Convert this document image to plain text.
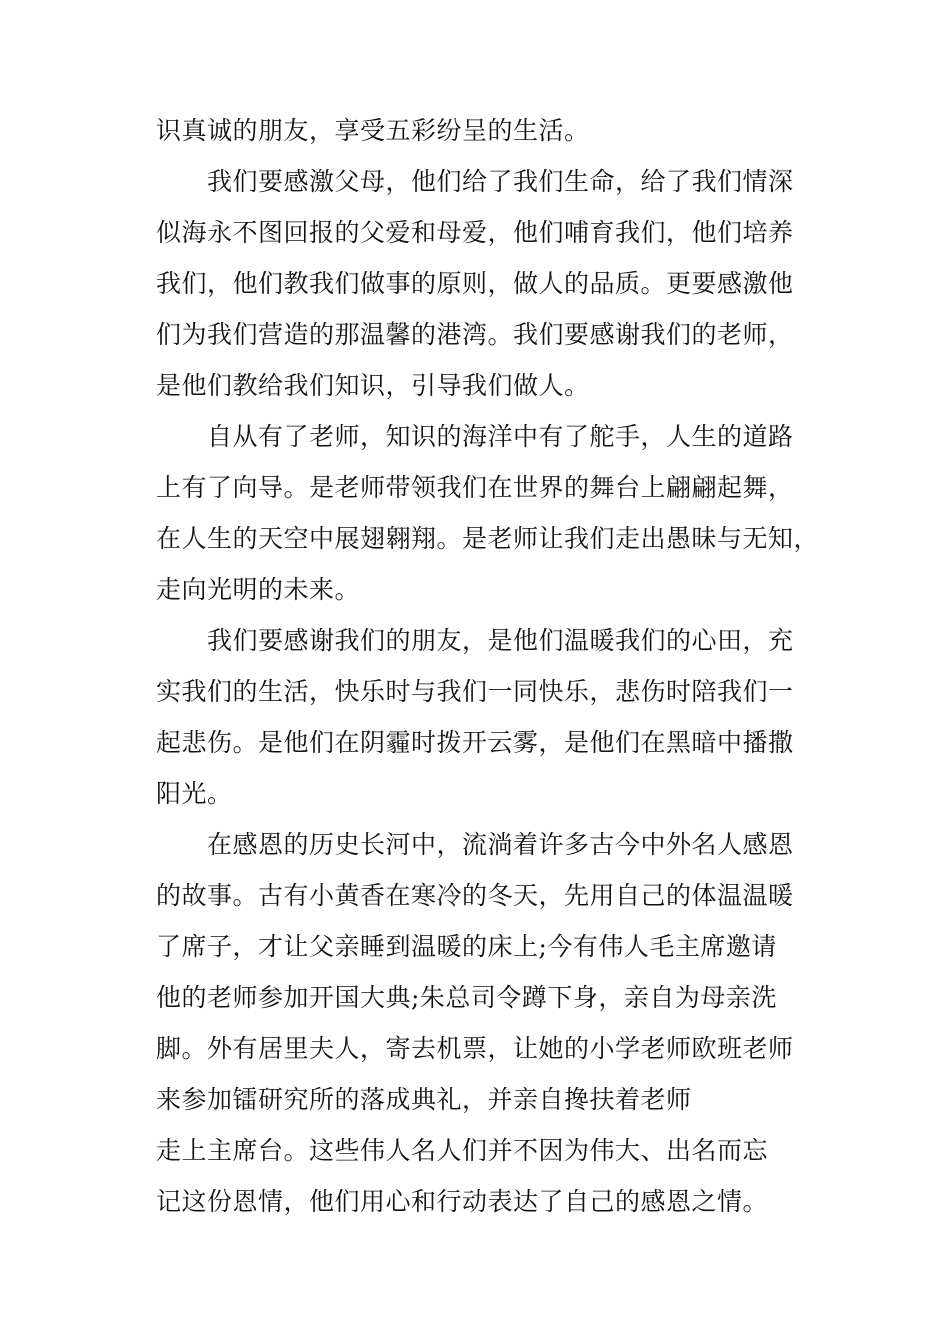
识真诚的朋友，享受五彩纷呈的生活。
我们要感激父母，他们给了我们生命，给了我们情深
似海永不图回报的父爱和母爱，他们哺育我们，他们培养
我们，他们教我们做事的原则，做人的品质。更要感激他
们为我们营造的那温馨的港湾。我们要感谢我们的老师，
是他们教给我们知识，引导我们做人。
自从有了老师，知识的海洋中有了舵手，人生的道路
上有了向导。是老师带领我们在世界的舞台上翩翩起舞，
在人生的天空中展翅翱翔。是老师让我们走出愚昧与无知，
走向光明的未来。
我们要感谢我们的朋友，是他们温暖我们的心田，充
实我们的生活，快乐时与我们一同快乐，悲伤时陪我们一
起悲伤。是他们在阴霾时拨开云雾，是他们在黑暗中播撒
阳光。
在感恩的历史长河中，流淌着许多古今中外名人感恩
的故事。古有小黄香在寒冷的冬天，先用自己的体温温暖
了席子，才让父亲睡到温暖的床上;今有伟人毛主席邀请
他的老师参加开国大典;朱总司令蹲下身，亲自为母亲洗
脚。外有居里夫人，寄去机票，让她的小学老师欧班老师
来参加镭研究所的落成典礼，并亲自搀扶着老师
走上主席台。这些伟人名人们并不因为伟大、出名而忘
记这份恩情，他们用心和行动表达了自己的感恩之情。
